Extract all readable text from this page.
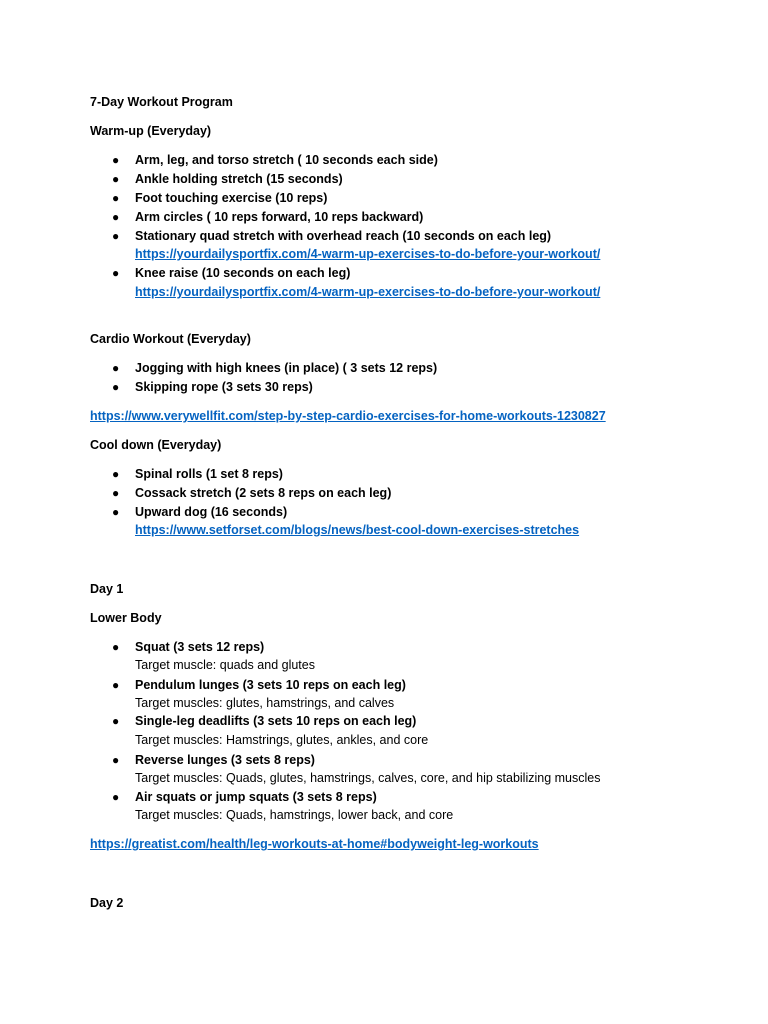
7-Day Workout Program
Warm-up (Everyday)
● Arm, leg, and torso stretch ( 10 seconds each side)
● Ankle holding stretch (15 seconds)
● Foot touching exercise (10 reps)
● Arm circles ( 10 reps forward, 10 reps backward)
● Stationary quad stretch with overhead reach (10 seconds on each leg)
https://yourdailysportfix.com/4-warm-up-exercises-to-do-before-your-workout/
● Knee raise (10 seconds on each leg)
https://yourdailysportfix.com/4-warm-up-exercises-to-do-before-your-workout/
Cardio Workout (Everyday)
● Jogging with high knees (in place) ( 3 sets 12 reps)
● Skipping rope (3 sets 30 reps)
https://www.verywellfit.com/step-by-step-cardio-exercises-for-home-workouts-1230827
Cool down (Everyday)
● Spinal rolls (1 set 8 reps)
● Cossack stretch (2 sets 8 reps on each leg)
● Upward dog (16 seconds)
https://www.setforset.com/blogs/news/best-cool-down-exercises-stretches
Day 1
Lower Body
● Squat (3 sets 12 reps)
Target muscle: quads and glutes
● Pendulum lunges (3 sets 10 reps on each leg)
Target muscles: glutes, hamstrings, and calves
● Single-leg deadlifts (3 sets 10 reps on each leg)
Target muscles: Hamstrings, glutes, ankles, and core
● Reverse lunges (3 sets 8 reps)
Target muscles: Quads, glutes, hamstrings, calves, core, and hip stabilizing muscles
● Air squats or jump squats (3 sets 8 reps)
Target muscles: Quads, hamstrings, lower back, and core
https://greatist.com/health/leg-workouts-at-home#bodyweight-leg-workouts
Day 2
